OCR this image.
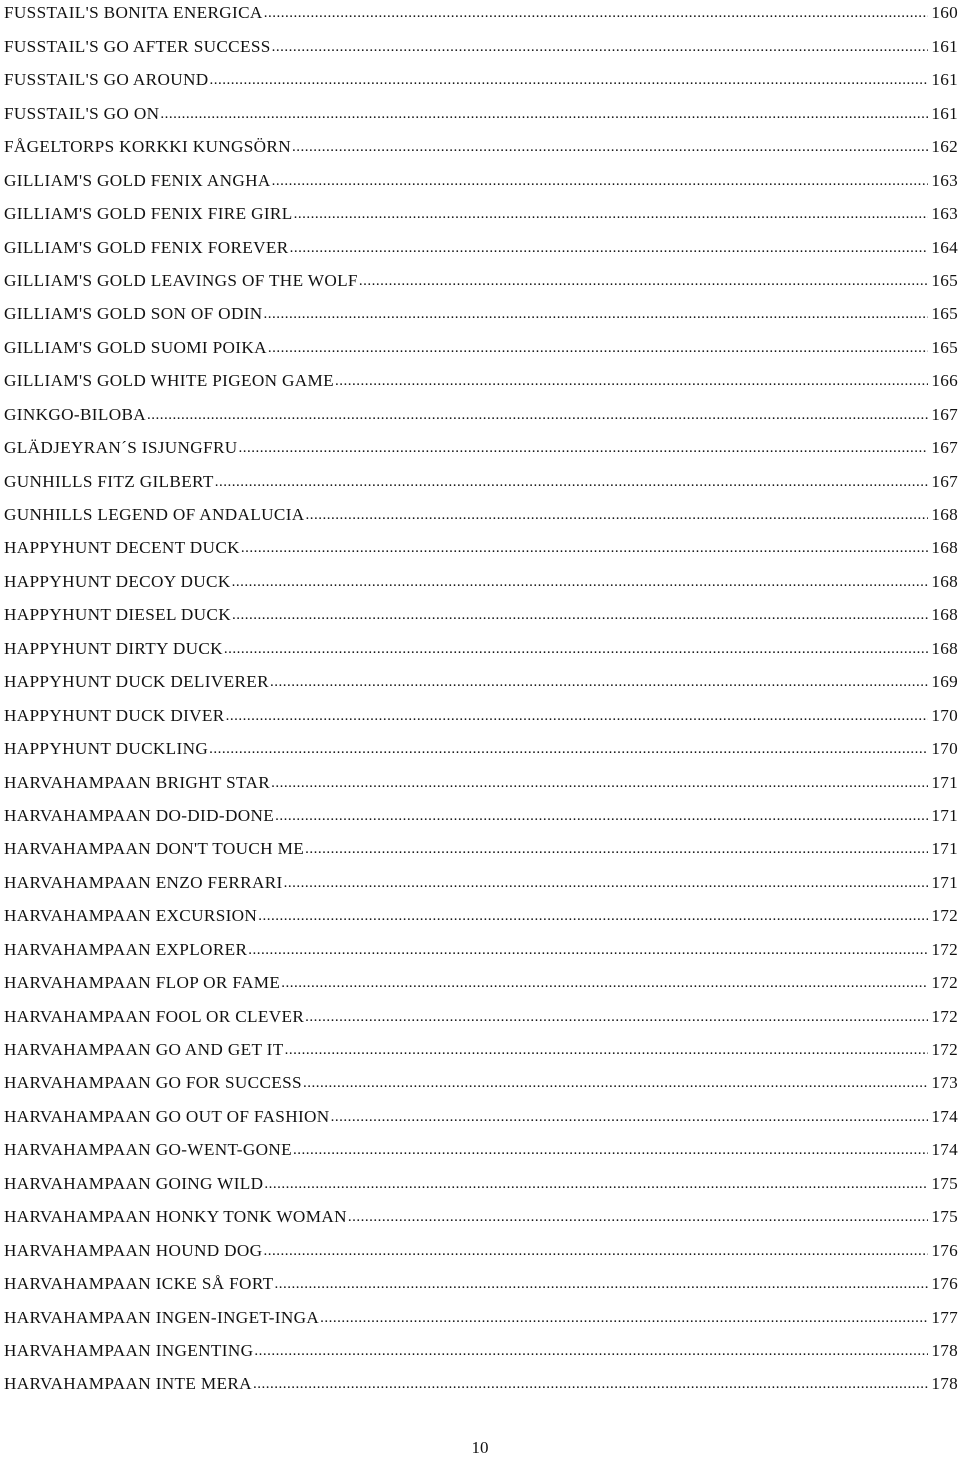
FUSSTAIL'S BONITA ENERGICA .....	160
FUSSTAIL'S GO AFTER SUCCESS .....	161
FUSSTAIL'S GO AROUND .....	161
FUSSTAIL'S GO ON .....	161
FÅGELTORPS KORKKI KUNGSÖRN .....	162
GILLIAM'S GOLD FENIX ANGHA .....	163
GILLIAM'S GOLD FENIX FIRE GIRL .....	163
GILLIAM'S GOLD FENIX FOREVER .....	164
GILLIAM'S GOLD LEAVINGS OF THE WOLF .....	165
GILLIAM'S GOLD SON OF ODIN .....	165
GILLIAM'S GOLD SUOMI POIKA .....	165
GILLIAM'S GOLD WHITE PIGEON GAME .....	166
GINKGO-BILOBA .....	167
GLÄDJEYRAN´S ISJUNGFRU .....	167
GUNHILLS FITZ GILBERT .....	167
GUNHILLS LEGEND OF ANDALUCIA .....	168
HAPPYHUNT DECENT DUCK .....	168
HAPPYHUNT DECOY DUCK .....	168
HAPPYHUNT DIESEL DUCK .....	168
HAPPYHUNT DIRTY DUCK .....	168
HAPPYHUNT DUCK DELIVERER .....	169
HAPPYHUNT DUCK DIVER .....	170
HAPPYHUNT DUCKLING .....	170
HARVAHAMPAAN BRIGHT STAR .....	171
HARVAHAMPAAN DO-DID-DONE .....	171
HARVAHAMPAAN DON'T TOUCH ME .....	171
HARVAHAMPAAN ENZO FERRARI .....	171
HARVAHAMPAAN EXCURSION .....	172
HARVAHAMPAAN EXPLORER .....	172
HARVAHAMPAAN FLOP OR FAME .....	172
HARVAHAMPAAN FOOL OR CLEVER .....	172
HARVAHAMPAAN GO AND GET IT .....	172
HARVAHAMPAAN GO FOR SUCCESS .....	173
HARVAHAMPAAN GO OUT OF FASHION .....	174
HARVAHAMPAAN GO-WENT-GONE .....	174
HARVAHAMPAAN GOING WILD .....	175
HARVAHAMPAAN HONKY TONK WOMAN .....	175
HARVAHAMPAAN HOUND DOG .....	176
HARVAHAMPAAN ICKE SÅ FORT .....	176
HARVAHAMPAAN INGEN-INGET-INGA .....	177
HARVAHAMPAAN INGENTING .....	178
HARVAHAMPAAN INTE MERA .....	178
10
